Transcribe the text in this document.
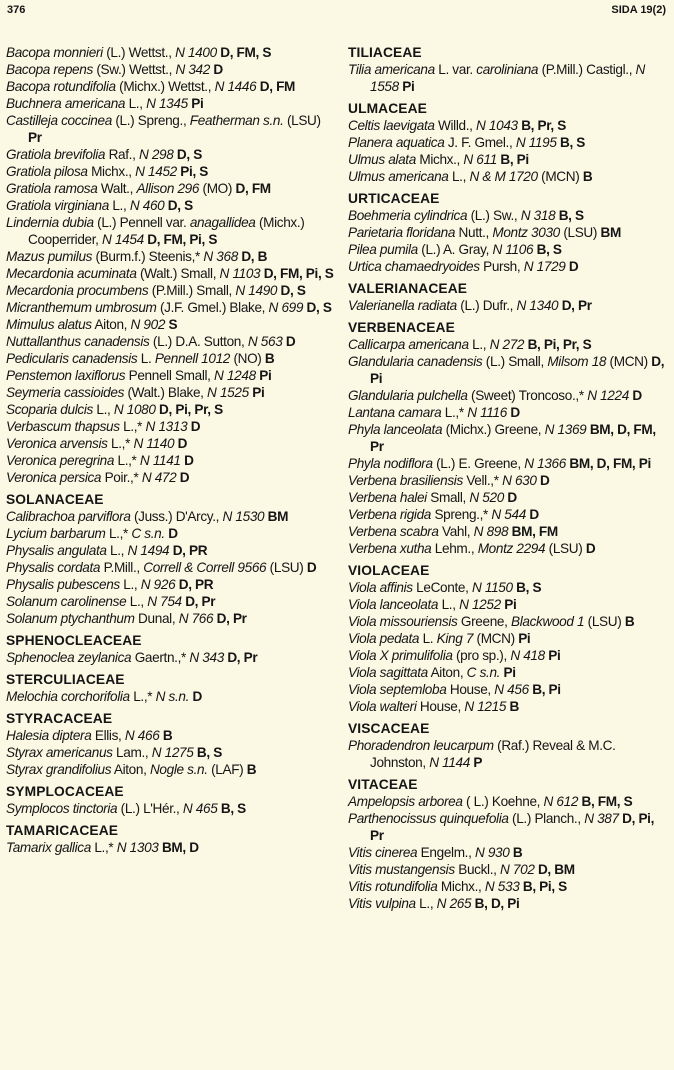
376	SIDA 19(2)
Bacopa monnieri (L.) Wettst., N 1400 D, FM, S
Bacopa repens (Sw.) Wettst., N 342 D
Bacopa rotundifolia (Michx.) Wettst., N 1446 D, FM
Buchnera americana L., N 1345 Pi
Castilleja coccinea (L.) Spreng., Featherman s.n. (LSU) Pr
Gratiola brevifolia Raf., N 298 D, S
Gratiola pilosa Michx., N 1452 Pi, S
Gratiola ramosa Walt., Allison 296 (MO) D, FM
Gratiola virginiana L., N 460 D, S
Lindernia dubia (L.) Pennell var. anagallidea (Michx.) Cooperrider, N 1454 D, FM, Pi, S
Mazus pumilus (Burm.f.) Steenis,* N 368 D, B
Mecardonia acuminata (Walt.) Small, N 1103 D, FM, Pi, S
Mecardonia procumbens (P.Mill.) Small, N 1490 D, S
Micranthemum umbrosum (J.F. Gmel.) Blake, N 699 D, S
Mimulus alatus Aiton, N 902 S
Nuttallanthus canadensis (L.) D.A. Sutton, N 563 D
Pedicularis canadensis L. Pennell 1012 (NO) B
Penstemon laxiflorus Pennell Small, N 1248 Pi
Seymeria cassioides (Walt.) Blake, N 1525 Pi
Scoparia dulcis L., N 1080 D, Pi, Pr, S
Verbascum thapsus L.,* N 1313 D
Veronica arvensis L.,* N 1140 D
Veronica peregrina L.,* N 1141 D
Veronica persica Poir.,* N 472 D
SOLANACEAE
Calibrachoa parviflora (Juss.) D'Arcy., N 1530 BM
Lycium barbarum L.,* C s.n. D
Physalis angulata L., N 1494 D, PR
Physalis cordata P.Mill., Correll & Correll 9566 (LSU) D
Physalis pubescens L., N 926 D, PR
Solanum carolinense L., N 754 D, Pr
Solanum ptychanthum Dunal, N 766 D, Pr
SPHENOCLEACEAE
Sphenoclea zeylanica Gaertn.,* N 343 D, Pr
STERCULIACEAE
Melochia corchorifolia L.,* N s.n. D
STYRACACEAE
Halesia diptera Ellis, N 466 B
Styrax americanus Lam., N 1275 B, S
Styrax grandifolius Aiton, Nogle s.n. (LAF) B
SYMPLOCACEAE
Symplocos tinctoria (L.) L'Hér., N 465 B, S
TAMARICACEAE
Tamarix gallica L.,* N 1303 BM, D
TILIACEAE
Tilia americana L. var. caroliniana (P.Mill.) Castigl., N 1558 Pi
ULMACEAE
Celtis laevigata Willd., N 1043 B, Pr, S
Planera aquatica J. F. Gmel., N 1195 B, S
Ulmus alata Michx., N 611 B, Pi
Ulmus americana L., N & M 1720 (MCN) B
URTICACEAE
Boehmeria cylindrica (L.) Sw., N 318 B, S
Parietaria floridana Nutt., Montz 3030 (LSU) BM
Pilea pumila (L.) A. Gray, N 1106 B, S
Urtica chamaedryoides Pursh, N 1729 D
VALERIANACEAE
Valerianella radiata (L.) Dufr., N 1340 D, Pr
VERBENACEAE
Callicarpa americana L., N 272 B, Pi, Pr, S
Glandularia canadensis (L.) Small, Milsom 18 (MCN) D, Pi
Glandularia pulchella (Sweet) Troncoso.,* N 1224 D
Lantana camara L.,* N 1116 D
Phyla lanceolata (Michx.) Greene, N 1369 BM, D, FM, Pr
Phyla nodiflora (L.) E. Greene, N 1366 BM, D, FM, Pi
Verbena brasiliensis Vell.,* N 630 D
Verbena halei Small, N 520 D
Verbena rigida Spreng.,* N 544 D
Verbena scabra Vahl, N 898 BM, FM
Verbena xutha Lehm., Montz 2294 (LSU) D
VIOLACEAE
Viola affinis LeConte, N 1150 B, S
Viola lanceolata L., N 1252 Pi
Viola missouriensis Greene, Blackwood 1 (LSU) B
Viola pedata L. King 7 (MCN) Pi
Viola X primulifolia (pro sp.), N 418 Pi
Viola sagittata Aiton, C s.n. Pi
Viola septemloba House, N 456 B, Pi
Viola walteri House, N 1215 B
VISCACEAE
Phoradendron leucarpum (Raf.) Reveal & M.C. Johnston, N 1144 P
VITACEAE
Ampelopsis arborea ( L.) Koehne, N 612 B, FM, S
Parthenocissus quinquefolia (L.) Planch., N 387 D, Pi, Pr
Vitis cinerea Engelm., N 930 B
Vitis mustangensis Buckl., N 702 D, BM
Vitis rotundifolia Michx., N 533 B, Pi, S
Vitis vulpina L., N 265 B, D, Pi
